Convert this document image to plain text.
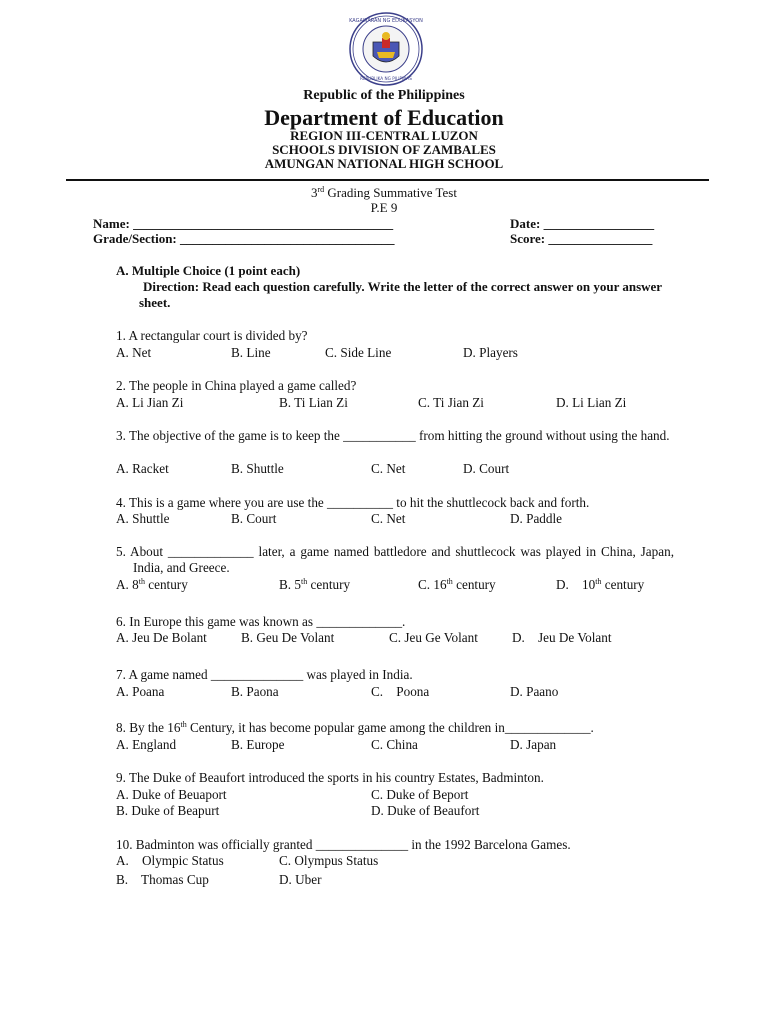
KAGAWARAN NG EDUKASYON
REPUBLIKA NG PILIPINAS
Republic of the Philippines
Department of Education
REGION III-CENTRAL LUZON
SCHOOLS DIVISION OF ZAMBALES
AMUNGAN NATIONAL HIGH SCHOOL
3rd Grading Summative Test
P.E 9
Name: ________________________________________	Date: _________________
Grade/Section: _________________________________	Score: ________________
A. Multiple Choice (1 point each)
Direction: Read each question carefully. Write the letter of the correct answer on your answer sheet.
1. A rectangular court is divided by?
A. Net	B. Line	C. Side Line	D. Players
2. The people in China played a game called?
A. Li Jian Zi	B. Ti Lian Zi	C. Ti Jian Zi	D. Li Lian Zi
3. The objective of the game is to keep the ___________ from hitting the ground without using the hand.
A. Racket	B. Shuttle	C. Net	D. Court
4. This is a game where you are use the __________ to hit the shuttlecock back and forth.
A. Shuttle	B. Court	C. Net	D. Paddle
5. About _____________ later, a game named battledore and shuttlecock was played in China, Japan, India, and Greece.
A. 8th century	B. 5th century	C. 16th century	D.    10th century
6. In Europe this game was known as _____________.
A. Jeu De Bolant	B. Geu De Volant	C. Jeu Ge Volant	D.    Jeu De Volant
7. A game named ______________ was played in India.
A. Poana	B. Paona	C.    Poona	D. Paano
8. By the 16th Century, it has become popular game among the children in_____________.
A. England	B. Europe	C. China	D. Japan
9. The Duke of Beaufort introduced the sports in his country Estates, Badminton.
A. Duke of Beuaport	C. Duke of Beport
B. Duke of Beapurt	D. Duke of Beaufort
10. Badminton was officially granted ______________ in the 1992 Barcelona Games.
A.    Olympic Status	C. Olympus Status
B.    Thomas Cup	D. Uber
